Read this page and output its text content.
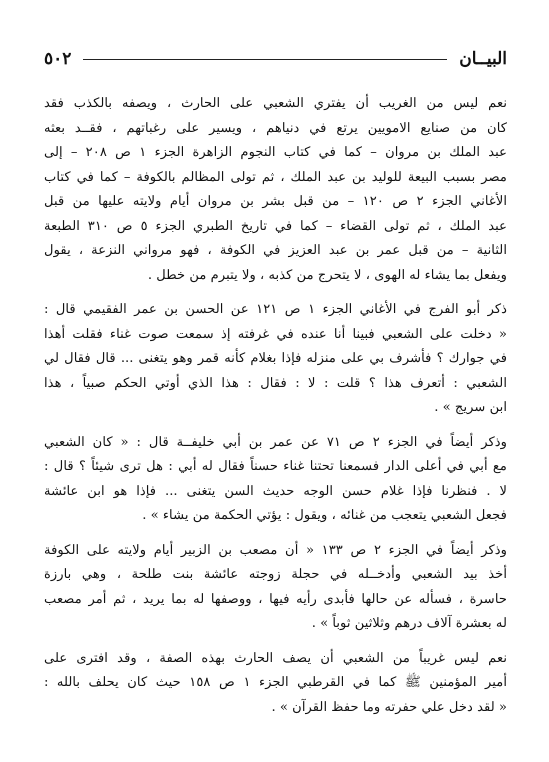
البيــان
٥٠٢

نعم ليس من الغريب أن يفتري الشعبي على الحارث ، ويصفه بالكذب فقد
كان من صنايع الامويين يرتع في دنياهم ، ويسير على رغباتهم ، فقــد بعثه
عبد الملك بن مروان – كما في كتاب النجوم الزاهرة الجزء ١ ص ٢٠٨ – إلى
مصر بسبب البيعة للوليد بن عبد الملك ، ثم تولى المظالم بالكوفة – كما في كتاب
الأغاني الجزء ٢ ص ١٢٠ – من قبل بشر بن مروان أيام ولايته عليها من قبل
عبد الملك ، ثم تولى القضاء – كما في تاريخ الطبري الجزء ٥ ص ٣١٠ الطبعة
الثانية – من قبل عمر بن عبد العزيز في الكوفة ، فهو مرواني النزعة ، يقول
ويفعل بما يشاء له الهوى ، لا يتحرج من كذبه ، ولا يتبرم من خطل .

ذكر أبو الفرج في الأغاني الجزء ١ ص ١٢١ عن الحسن بن عمر الفقيمي قال :
« دخلت على الشعبي فبينا أنا عنده في غرفته إذ سمعت صوت غناء فقلت أهذا
في جوارك ؟ فأشرف بي على منزله فإذا بغلام كأنه قمر وهو يتغنى ... قال فقال لي
الشعبي : أتعرف هذا ؟ قلت : لا : فقال : هذا الذي أوتي الحكم صبياً ، هذا
ابن سريج » .

وذكر أيضاً في الجزء ٢ ص ٧١ عن عمر بن أبي خليفــة قال : « كان الشعبي
مع أبي في أعلى الدار فسمعنا تحتنا غناء حسناً فقال له أبي : هل ترى شيئاً ؟ قال :
لا . فنظرنا فإذا غلام حسن الوجه حديث السن يتغنى ... فإذا هو ابن عائشة
فجعل الشعبي يتعجب من غنائه ، ويقول : يؤتي الحكمة من يشاء » .

وذكر أيضاً في الجزء ٢ ص ١٣٣ « أن مصعب بن الزبير أيام ولايته على الكوفة
أخذ بيد الشعبي وأدخــله في حجلة زوجته عائشة بنت طلحة ، وهي بارزة
حاسرة ، فسأله عن حالها فأبدى رأيه فيها ، ووصفها له بما يريد ، ثم أمر مصعب
له بعشرة آلاف درهم وثلاثين ثوباً » .

نعم ليس غريباً من الشعبي أن يصف الحارث بهذه الصفة ، وقد افترى على
أمير المؤمنين ﷺ كما في القرطبي الجزء ١ ص ١٥٨ حيث كان يحلف بالله :
« لقد دخل علي حفرته وما حفظ القرآن » .
